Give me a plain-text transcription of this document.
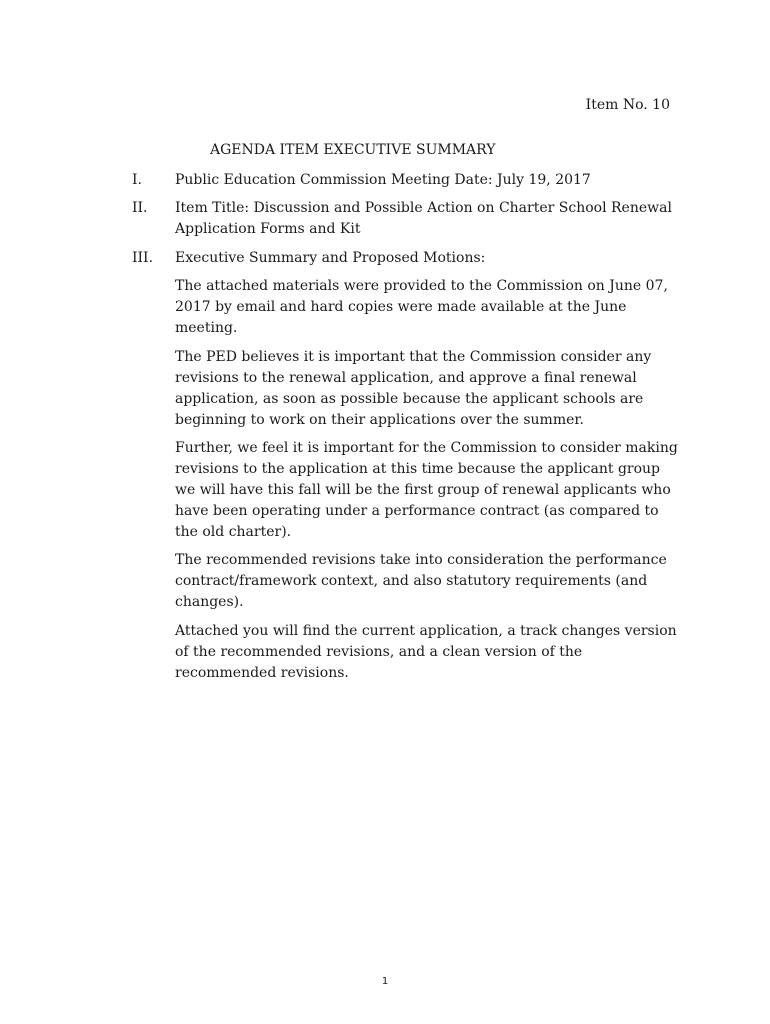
Item No. 10
AGENDA ITEM EXECUTIVE SUMMARY
I. Public Education Commission Meeting Date: July 19, 2017
II. Item Title: Discussion and Possible Action on Charter School Renewal Application Forms and Kit
III. Executive Summary and Proposed Motions:
The attached materials were provided to the Commission on June 07, 2017 by email and hard copies were made available at the June meeting.
The PED believes it is important that the Commission consider any revisions to the renewal application, and approve a final renewal application, as soon as possible because the applicant schools are beginning to work on their applications over the summer.
Further, we feel it is important for the Commission to consider making revisions to the application at this time because the applicant group we will have this fall will be the first group of renewal applicants who have been operating under a performance contract (as compared to the old charter).
The recommended revisions take into consideration the performance contract/framework context, and also statutory requirements (and changes).
Attached you will find the current application, a track changes version of the recommended revisions, and a clean version of the recommended revisions.
1
